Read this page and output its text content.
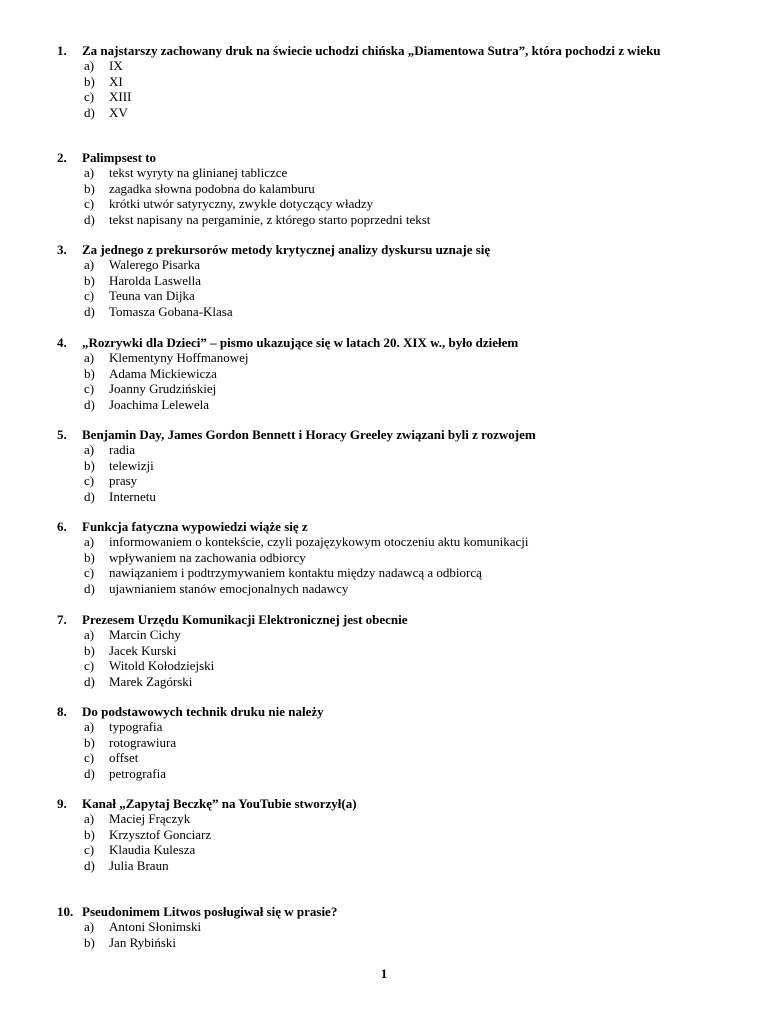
1.	Za najstarszy zachowany druk na świecie uchodzi chińska „Diamentowa Sutra”, która pochodzi z wieku
a)	IX
b)	XI
c)	XIII
d)	XV
2.	Palimpsest to
a)	tekst wyryty na glinianej tabliczce
b)	zagadka słowna podobna do kalamburu
c)	krótki utwór satyryczny, zwykle dotyczący władzy
d)	tekst napisany na pergaminie, z którego starto poprzedni tekst
3.	Za jednego z prekursorów metody krytycznej analizy dyskursu uznaje się
a)	Walerego Pisarka
b)	Harolda Laswella
c)	Teuna van Dijka
d)	Tomasza Gobana-Klasa
4.	„Rozrywki dla Dzieci” – pismo ukazujące się w latach 20. XIX w., było dziełem
a)	Klementyny Hoffmanowej
b)	Adama Mickiewicza
c)	Joanny Grudzińskiej
d)	Joachima Lelewela
5.	Benjamin Day, James Gordon Bennett i Horacy Greeley związani byli z rozwojem
a)	radia
b)	telewizji
c)	prasy
d)	Internetu
6.	Funkcja fatyczna wypowiedzi wiąże się z
a)	informowaniem o kontekście, czyli pozajęzykowym otoczeniu aktu komunikacji
b)	wpływaniem na zachowania odbiorcy
c)	nawiązaniem i podtrzymywaniem kontaktu między nadawcą a odbiorcą
d)	ujawnianiem stanów emocjonalnych nadawcy
7.	Prezesem Urzędu Komunikacji Elektronicznej jest obecnie
a)	Marcin Cichy
b)	Jacek Kurski
c)	Witold Kołodziejski
d)	Marek Zagórski
8.	Do podstawowych technik druku nie należy
a)	typografia
b)	rotograwiura
c)	offset
d)	petrografia
9.	Kanał „Zapytaj Beczkę” na YouTubie stworzył(a)
a)	Maciej Frączyk
b)	Krzysztof Gonciarz
c)	Klaudia Kulesza
d)	Julia Braun
10. Pseudonimem Litwos posługiwał się w prasie?
a)	Antoni Słonimski
b)	Jan Rybiński
1
